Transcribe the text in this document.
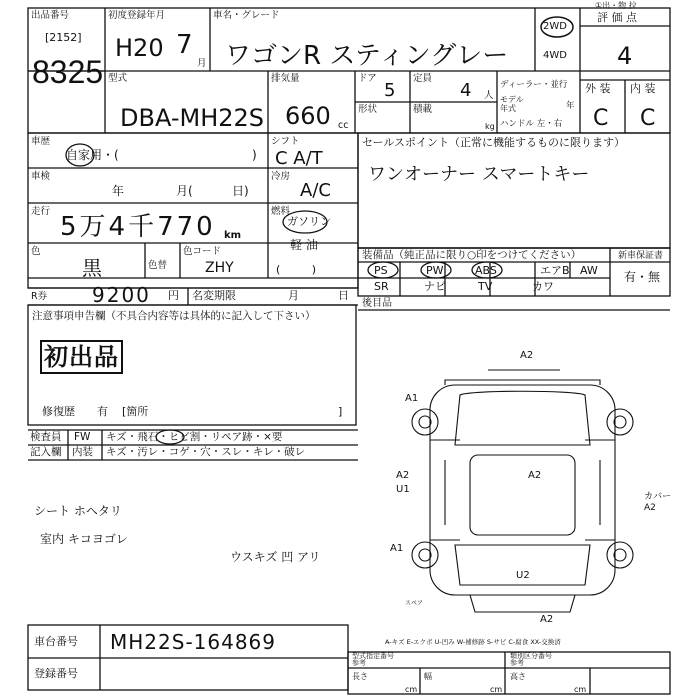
①出・物 拉
出品番号
[2152]
8325
初度登録年月
H20 7
月
車名・グレード
ワゴンR スティングレー
2WD
4WD
評 価 点
4
型式
DBA-MH22S
排気量
660 cc
ドア
5
定員
4 人
形状	積載
kg
ディーラー・並行
モデル
年式	年
ハンドル 左・右
外 装 内 装
C C
車歴
自家用・(	)
シフト
C A/T
車検
年	月(	日)
冷房
A/C
走行
5万4千770 km
燃料
ガソリン
軽 油
(         )
色
黒	色替
色コード
ZHY
R券 9200 円 名変期限	月	日
セールスポイント（正常に機能するものに限ります）
ワンオーナー スマートキー
装備品（純正品に限り○印をつけてください）
PS	PW	ABS	エアB AW
SR	ナビ	TV	カワ
新車保証書
有・無
後目品
注意事項申告欄（不具合内容等は具体的に記入して下さい）
初出品
修復歴 有 [箇所	]
検査員 FW キズ・飛石・ヒビ割・リペア跡・×要
記入欄 内装 キズ・汚レ・コゲ・穴・スレ・キレ・破レ
シート ホヘタリ
室内 キコヨゴレ
ウスキズ 凹 アリ
A2
A1
A2
A2
U1
A1
U2
A2
カバー
A2
スペア
A-キズ E-エクボ U-凹み W-補修跡 S-サビ C-腐食 XX-交換済
車台番号 MH22S-164869
登録番号
型式指定番号
参考
類別区分番号
参考
長さ
cm
幅
cm
高さ
cm
